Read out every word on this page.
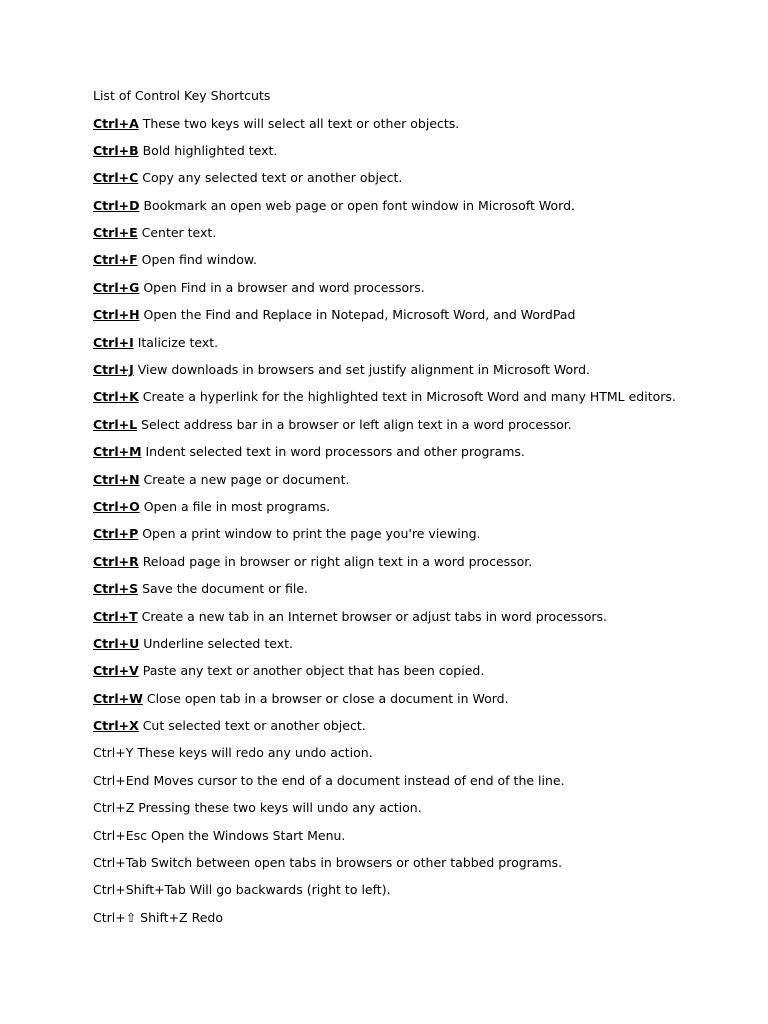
List of Control Key Shortcuts
Ctrl+A These two keys will select all text or other objects.
Ctrl+B Bold highlighted text.
Ctrl+C Copy any selected text or another object.
Ctrl+D Bookmark an open web page or open font window in Microsoft Word.
Ctrl+E Center text.
Ctrl+F Open find window.
Ctrl+G Open Find in a browser and word processors.
Ctrl+H Open the Find and Replace in Notepad, Microsoft Word, and WordPad
Ctrl+I Italicize text.
Ctrl+J View downloads in browsers and set justify alignment in Microsoft Word.
Ctrl+K Create a hyperlink for the highlighted text in Microsoft Word and many HTML editors.
Ctrl+L Select address bar in a browser or left align text in a word processor.
Ctrl+M Indent selected text in word processors and other programs.
Ctrl+N Create a new page or document.
Ctrl+O Open a file in most programs.
Ctrl+P Open a print window to print the page you're viewing.
Ctrl+R Reload page in browser or right align text in a word processor.
Ctrl+S Save the document or file.
Ctrl+T Create a new tab in an Internet browser or adjust tabs in word processors.
Ctrl+U Underline selected text.
Ctrl+V Paste any text or another object that has been copied.
Ctrl+W Close open tab in a browser or close a document in Word.
Ctrl+X Cut selected text or another object.
Ctrl+Y These keys will redo any undo action.
Ctrl+End Moves cursor to the end of a document instead of end of the line.
Ctrl+Z Pressing these two keys will undo any action.
Ctrl+Esc Open the Windows Start Menu.
Ctrl+Tab Switch between open tabs in browsers or other tabbed programs.
Ctrl+Shift+Tab Will go backwards (right to left).
Ctrl+⇧ Shift+Z Redo
